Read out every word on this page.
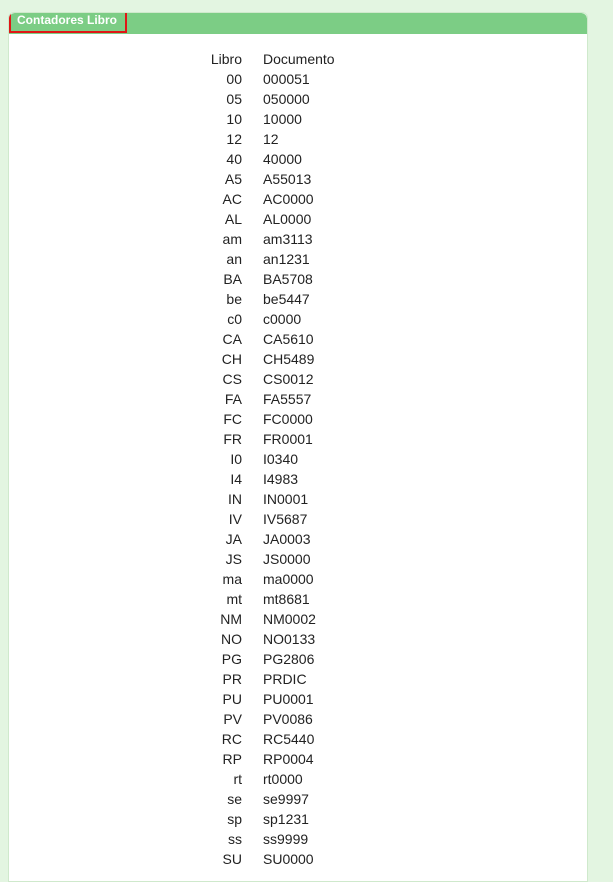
Contadores Libro
Libro	Documento
00	000051
05	050000
10	10000
12	12
40	40000
A5	A55013
AC	AC0000
AL	AL0000
am	am3113
an	an1231
BA	BA5708
be	be5447
c0	c0000
CA	CA5610
CH	CH5489
CS	CS0012
FA	FA5557
FC	FC0000
FR	FR0001
I0	I0340
I4	I4983
IN	IN0001
IV	IV5687
JA	JA0003
JS	JS0000
ma	ma0000
mt	mt8681
NM	NM0002
NO	NO0133
PG	PG2806
PR	PRDIC
PU	PU0001
PV	PV0086
RC	RC5440
RP	RP0004
rt	rt0000
se	se9997
sp	sp1231
ss	ss9999
SU	SU0000
